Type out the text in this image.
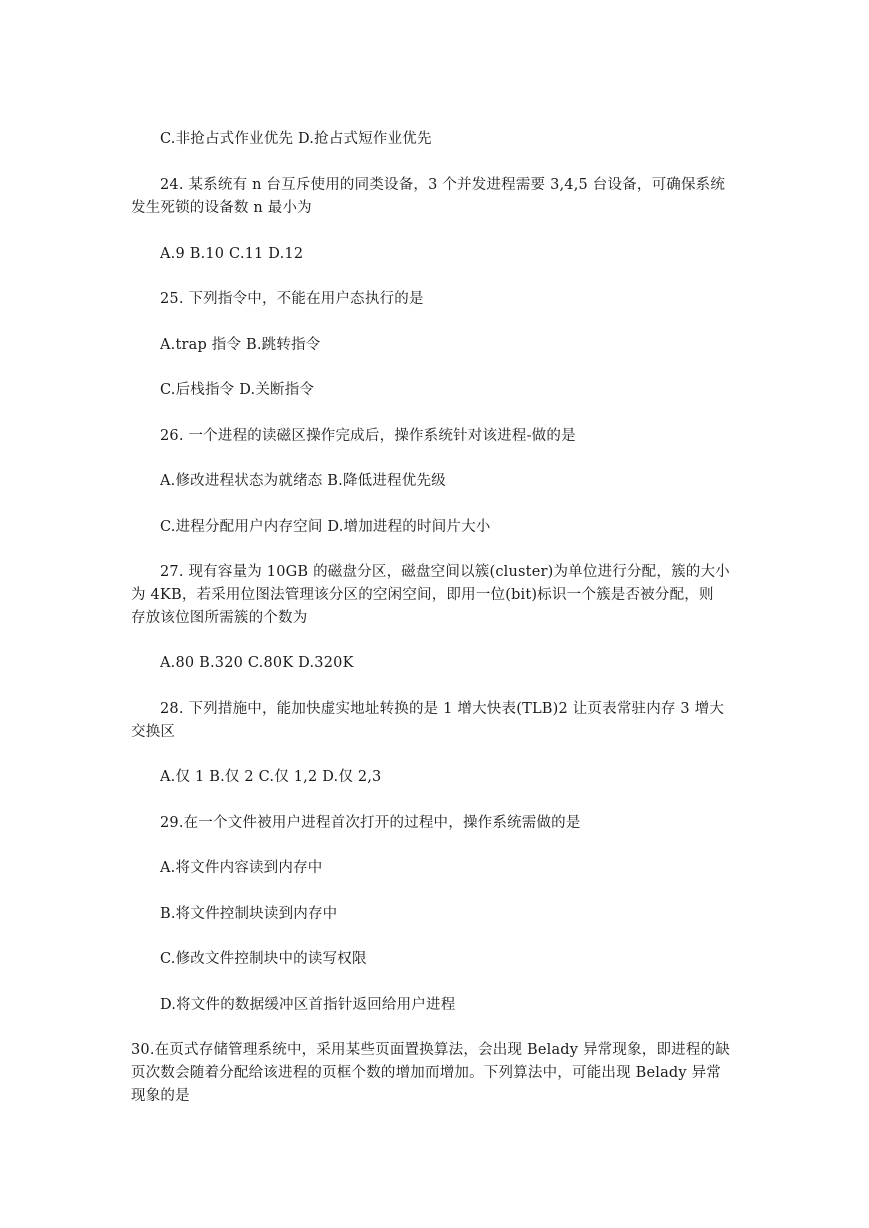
C.非抢占式作业优先 D.抢占式短作业优先
24. 某系统有 n 台互斥使用的同类设备，3 个并发进程需要 3,4,5 台设备，可确保系统
发生死锁的设备数 n 最小为
A.9 B.10 C.11 D.12
25. 下列指令中，不能在用户态执行的是
A.trap 指令 B.跳转指令
C.后栈指令 D.关断指令
26. 一个进程的读磁区操作完成后，操作系统针对该进程-做的是
A.修改进程状态为就绪态 B.降低进程优先级
C.进程分配用户内存空间 D.增加进程的时间片大小
27. 现有容量为 10GB 的磁盘分区，磁盘空间以簇(cluster)为单位进行分配，簇的大小
为 4KB，若采用位图法管理该分区的空闲空间，即用一位(bit)标识一个簇是否被分配，则
存放该位图所需簇的个数为
A.80 B.320 C.80K D.320K
28. 下列措施中，能加快虚实地址转换的是 1 增大快表(TLB)2 让页表常驻内存 3 增大
交换区
A.仅 1 B.仅 2 C.仅 1,2 D.仅 2,3
29.在一个文件被用户进程首次打开的过程中，操作系统需做的是
A.将文件内容读到内存中
B.将文件控制块读到内存中
C.修改文件控制块中的读写权限
D.将文件的数据缓冲区首指针返回给用户进程
30.在页式存储管理系统中，采用某些页面置换算法，会出现 Belady 异常现象，即进程的缺
页次数会随着分配给该进程的页框个数的增加而增加。下列算法中，可能出现 Belady 异常
现象的是
